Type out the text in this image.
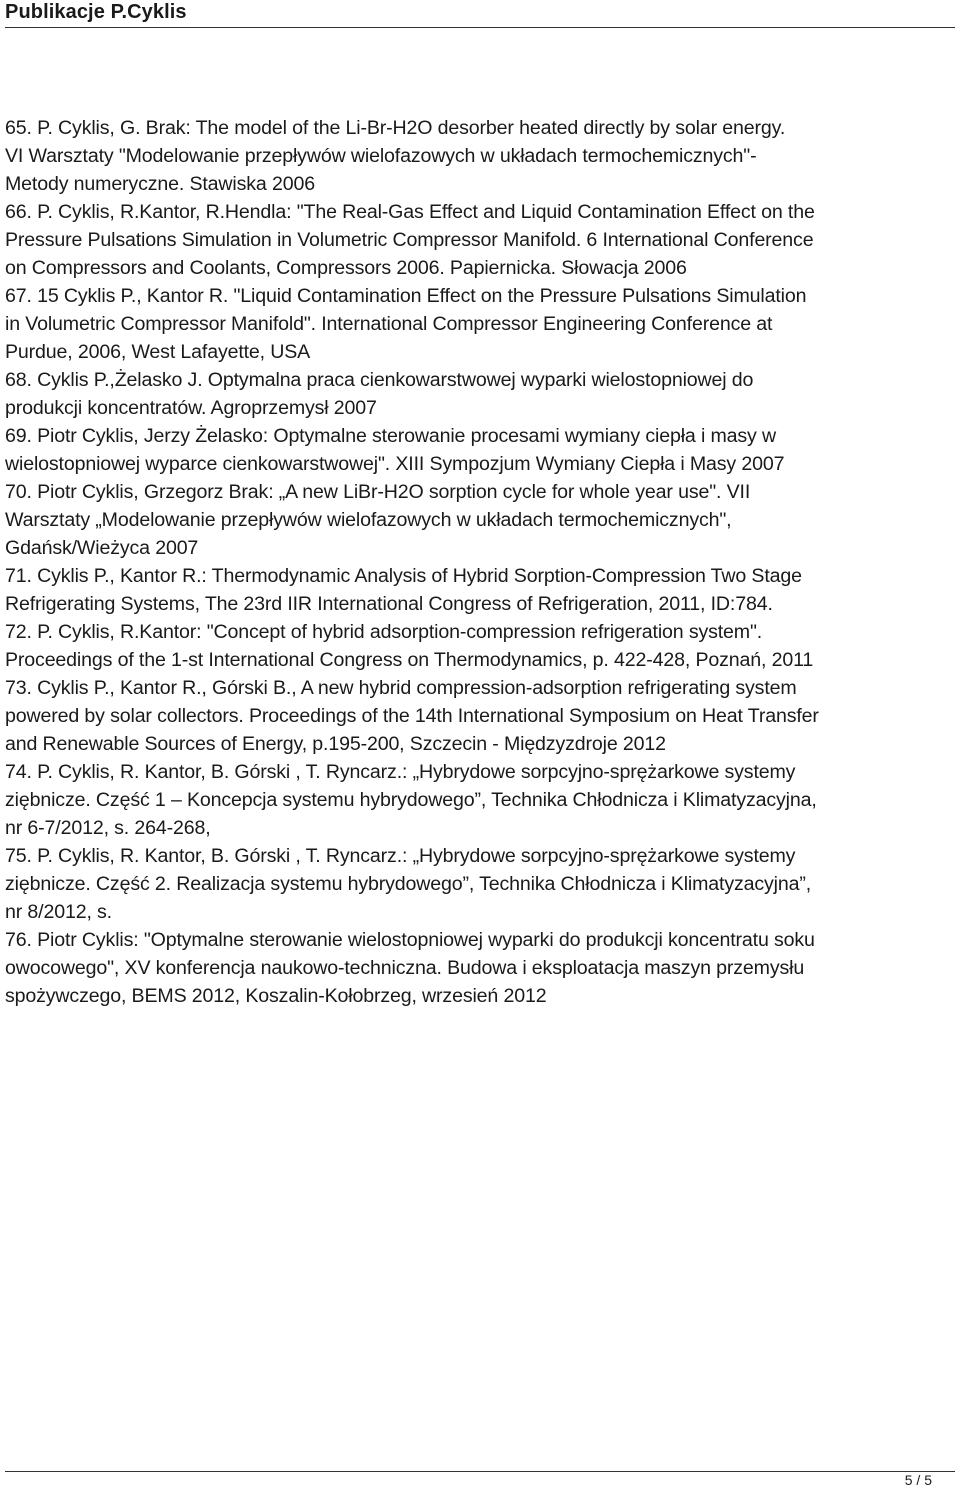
Publikacje P.Cyklis
65. P. Cyklis, G. Brak: The model of the Li-Br-H2O desorber heated directly by solar energy.
VI Warsztaty "Modelowanie przepływów wielofazowych w układach termochemicznych"-
Metody numeryczne. Stawiska 2006
66. P. Cyklis, R.Kantor, R.Hendla: "The Real-Gas Effect and Liquid Contamination Effect on the
Pressure Pulsations Simulation in Volumetric Compressor Manifold. 6 International Conference
on Compressors and Coolants, Compressors 2006. Papiernicka. Słowacja 2006
67. 15 Cyklis P., Kantor R. "Liquid Contamination Effect on the Pressure Pulsations Simulation
in Volumetric Compressor Manifold". International Compressor Engineering Conference at
Purdue, 2006, West Lafayette, USA
68. Cyklis P.,Żelasko J. Optymalna praca cienkowarstwowej wyparki wielostopniowej do
produkcji koncentratów. Agroprzemysł 2007
69. Piotr Cyklis, Jerzy Żelasko: Optymalne sterowanie procesami wymiany ciepła i masy w
wielostopniowej wyparce cienkowarstwowej". XIII Sympozjum Wymiany Ciepła i Masy 2007
70. Piotr Cyklis, Grzegorz Brak: „A new LiBr-H2O sorption cycle for whole year use". VII
Warsztaty „Modelowanie przepływów wielofazowych w układach termochemicznych",
Gdańsk/Wieżyca 2007
71. Cyklis P., Kantor R.: Thermodynamic Analysis of Hybrid Sorption-Compression Two Stage
Refrigerating Systems, The 23rd IIR International Congress of Refrigeration, 2011, ID:784.
72. P. Cyklis, R.Kantor: "Concept of hybrid adsorption-compression refrigeration system".
Proceedings of the 1-st International Congress on Thermodynamics, p. 422-428, Poznań, 2011
73. Cyklis P., Kantor R., Górski B., A new hybrid compression-adsorption refrigerating system
powered by solar collectors. Proceedings of the 14th International Symposium on Heat Transfer
and Renewable Sources of Energy, p.195-200, Szczecin - Międzyzdroje 2012
74. P. Cyklis, R. Kantor, B. Górski , T. Ryncarz.: „Hybrydowe sorpcyjno-sprężarkowe systemy
ziębnicze. Część 1 – Koncepcja systemu hybrydowego”, Technika Chłodnicza i Klimatyzacyjna,
nr 6-7/2012, s. 264-268,
75. P. Cyklis, R. Kantor, B. Górski , T. Ryncarz.: „Hybrydowe sorpcyjno-sprężarkowe systemy
ziębnicze. Część 2. Realizacja systemu hybrydowego”, Technika Chłodnicza i Klimatyzacyjna”,
nr 8/2012, s.
76. Piotr Cyklis: "Optymalne sterowanie wielostopniowej wyparki do produkcji koncentratu soku
owocowego", XV konferencja naukowo-techniczna. Budowa i eksploatacja maszyn przemysłu
spożywczego, BEMS 2012, Koszalin-Kołobrzeg, wrzesień 2012
5 / 5
